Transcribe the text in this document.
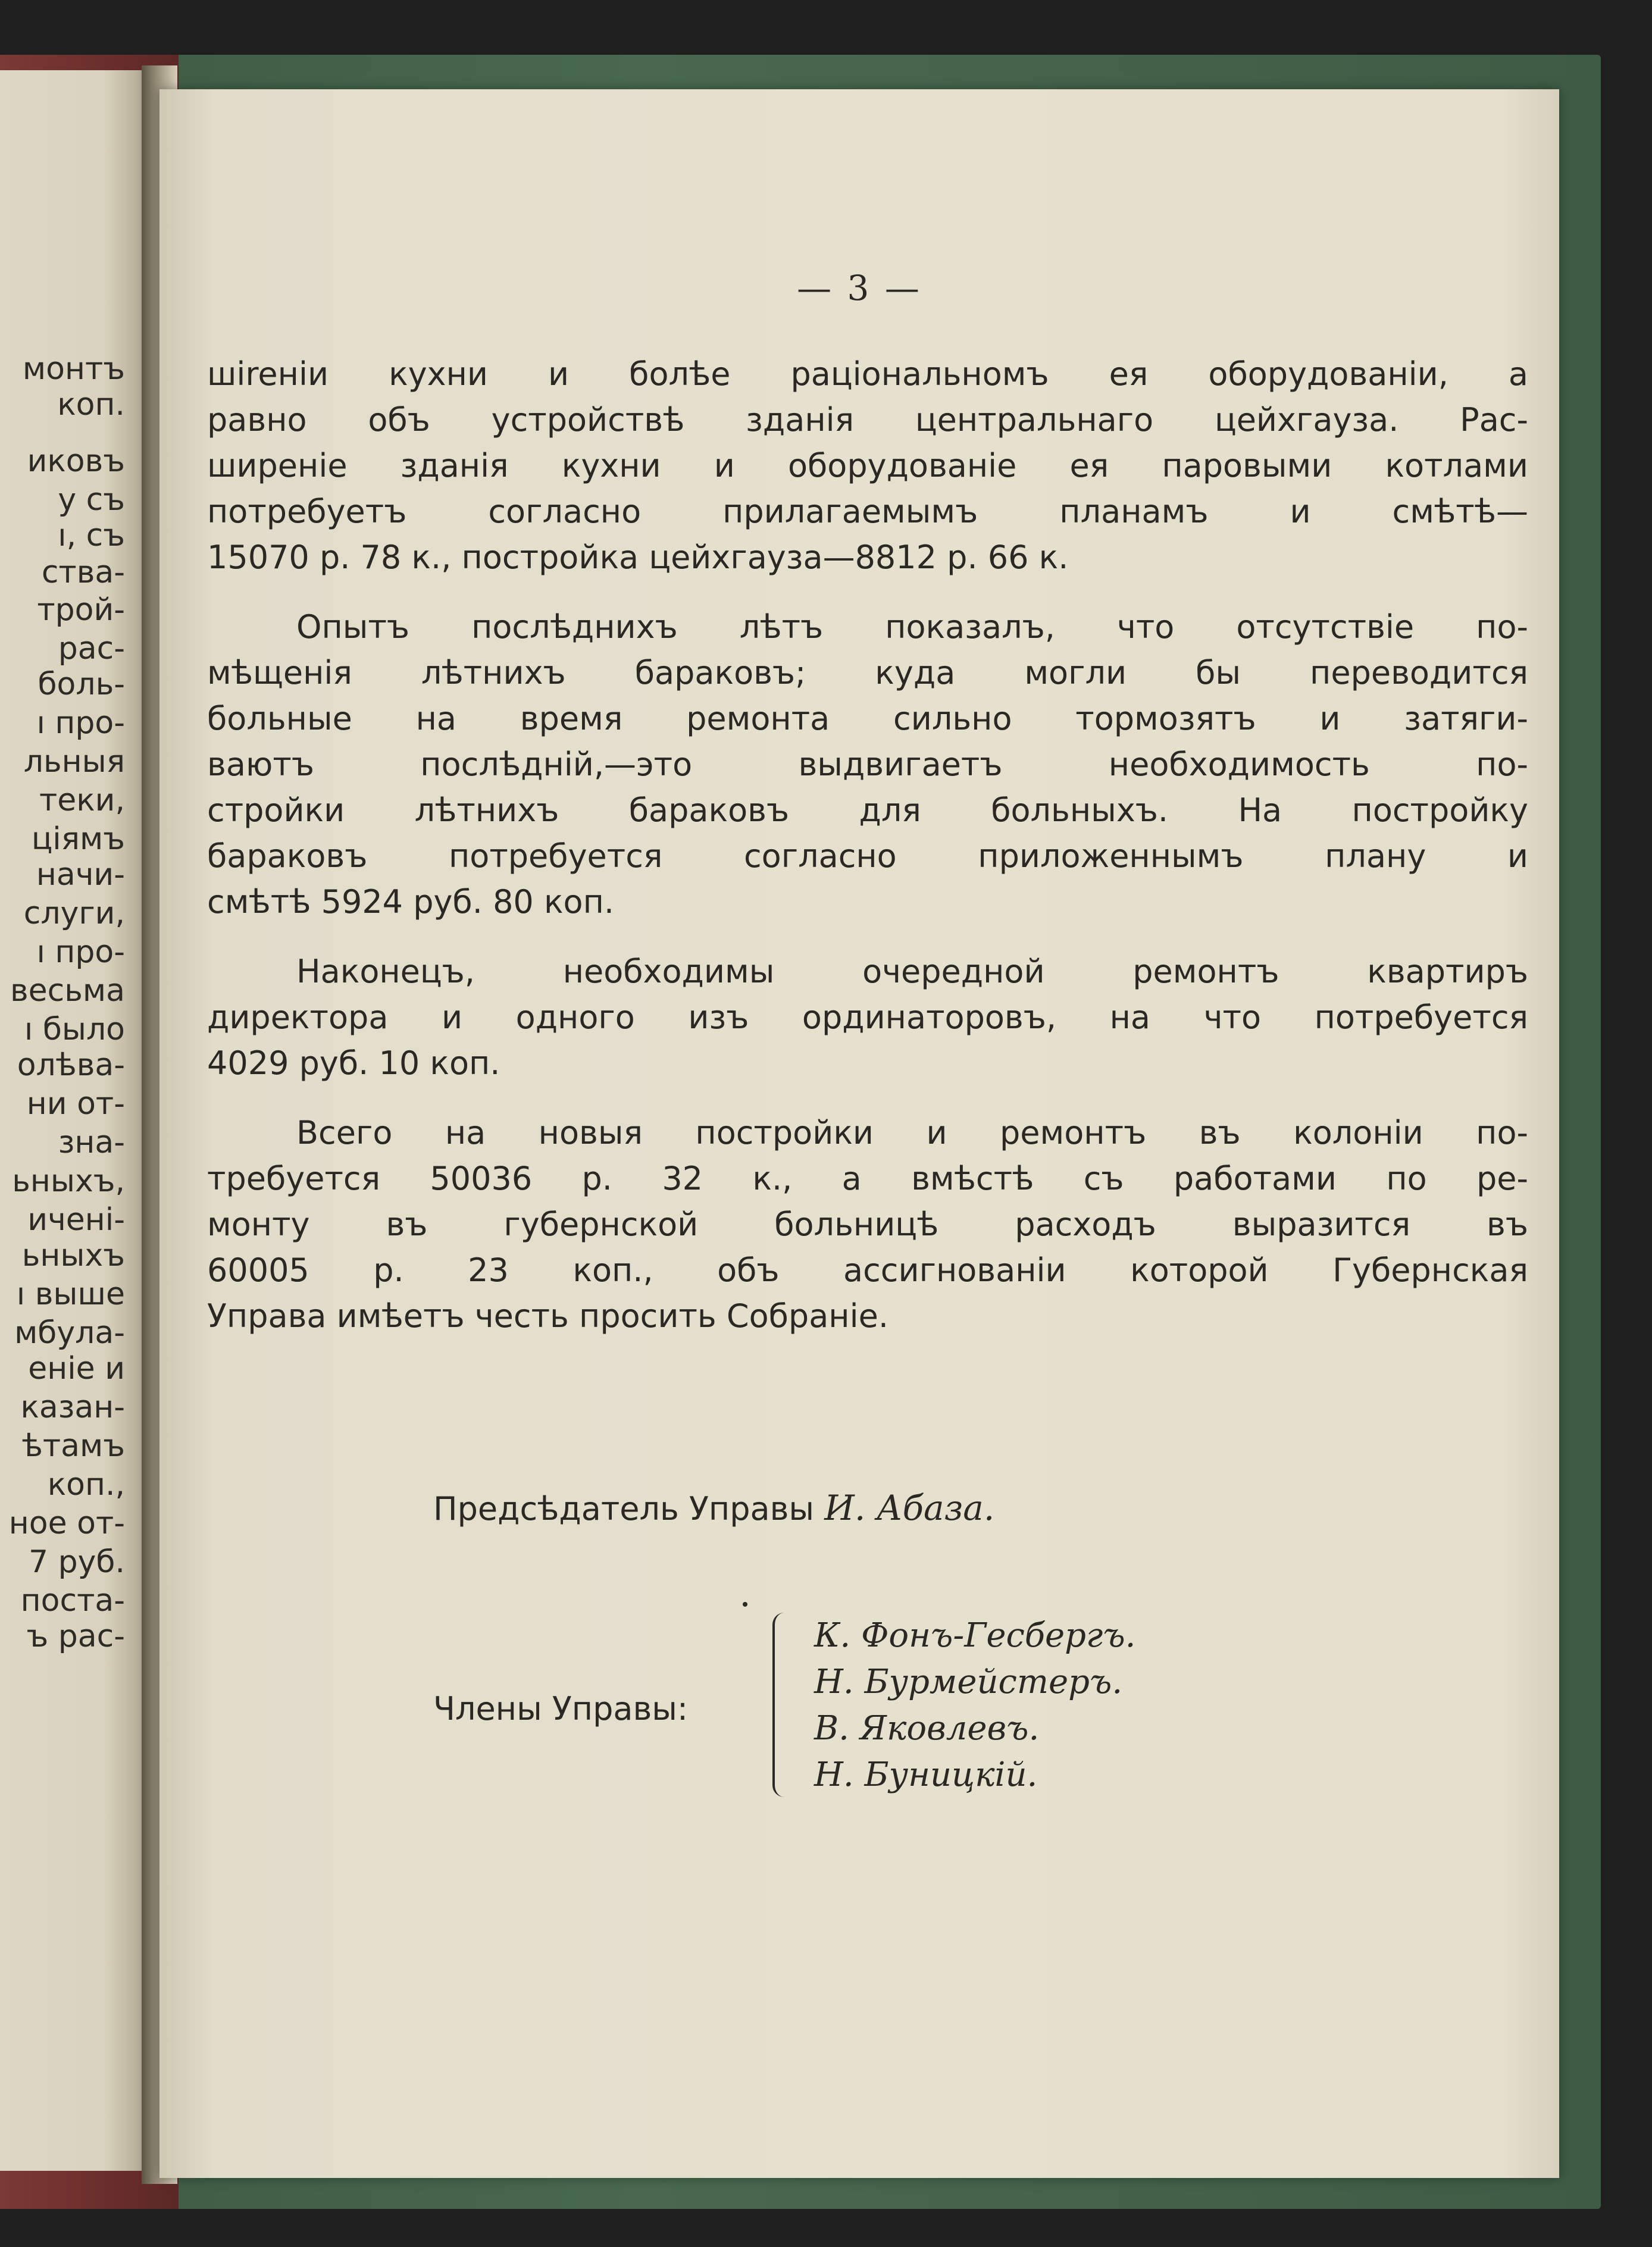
монтъ
коп.
иковъ
у съ
ı, съ
ства-
трой-
рас-
боль-
ı про-
льныя
теки,
ціямъ
начи-
слуги,
ı про-
весьма
ı было
олѣва-
ни от-
зна-
ьныхъ,
иченi-
ьныхъ
ı выше
мбула-
еніе и
казан-
ѣтамъ
коп.,
ное от-
7 руб.
поста-
ъ рас-
— 3 —
шireнiи кухни и болѣе раціональномъ ея оборудованіи, а
равно объ устройствѣ зданія центральнаго цейхгауза. Рас-
ширеніе зданія кухни и оборудованіе ея паровыми котлами
потребуетъ согласно прилагаемымъ планамъ и смѣтѣ—
15070 р. 78 к., постройка цейхгауза—8812 р. 66 к.
Опытъ послѣднихъ лѣтъ показалъ, что отсутствіе по-
мѣщенія лѣтнихъ бараковъ; куда могли бы переводится
больные на время ремонта сильно тормозятъ и затяги-
ваютъ послѣдній,—это выдвигаетъ необходимость по-
стройки лѣтнихъ бараковъ для больныхъ. На постройку
бараковъ потребуется согласно приложеннымъ плану и
смѣтѣ 5924 руб. 80 коп.
Наконецъ, необходимы очередной ремонтъ квартиръ
директора и одного изъ ординаторовъ, на что потребуется
4029 руб. 10 коп.
Всего на новыя постройки и ремонтъ въ колоніи по-
требуется 50036 р. 32 к., а вмѣстѣ съ работами по ре-
монту въ губернской больницѣ расходъ выразится въ
60005 р. 23 коп., объ ассигнованіи которой Губернская
Управа имѣетъ честь просить Собраніе.
Предсѣдатель Управы И. Абаза.
Члены Управы:
К. Фонъ-Гесбергъ.
Н. Бурмейстеръ.
В. Яковлевъ.
Н. Буницкій.
